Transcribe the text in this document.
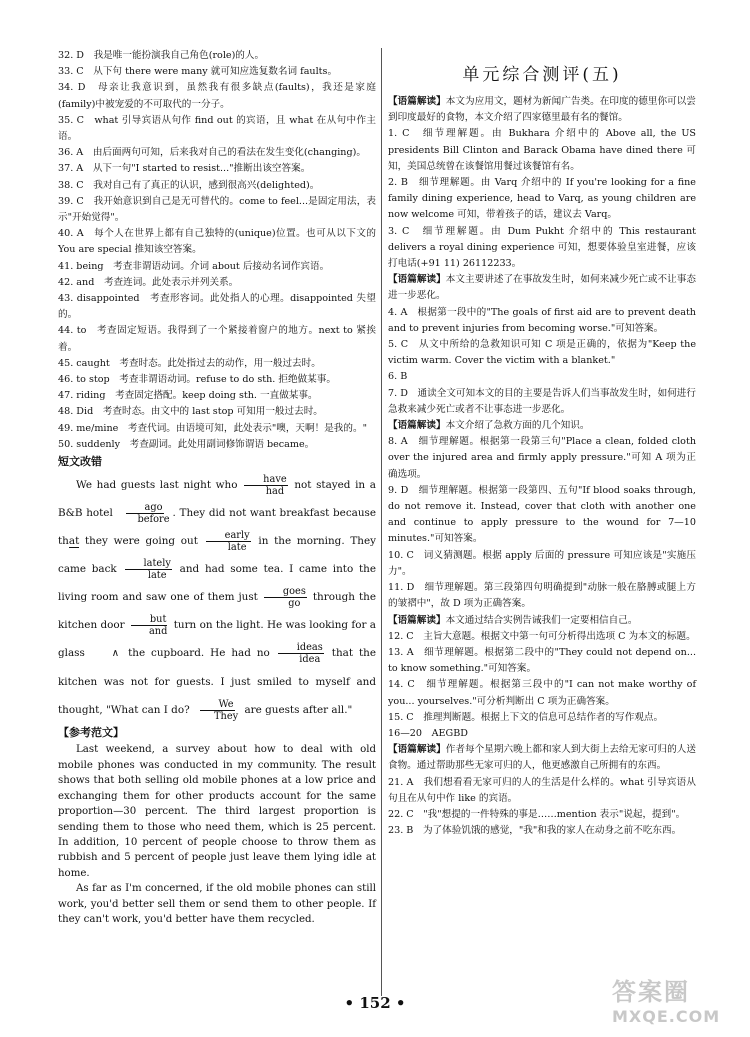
32. D　我是唯一能扮演我自己角色(role)的人。

33. C　从下句 there were many 就可知应选复数名词 faults。

34. D　母亲让我意识到，虽然我有很多缺点(faults)，我还是家庭(family)中被宠爱的不可取代的一分子。

35. C　what 引导宾语从句作 find out 的宾语，且 what 在从句中作主语。

36. A　由后面两句可知，后来我对自己的看法在发生变化(changing)。

37. A　从下一句"I started to resist..."推断出该空答案。

38. C　我对自己有了真正的认识，感到很高兴(delighted)。

39. C　我开始意识到自己是无可替代的。come to feel...是固定用法，表示"开始觉得"。

40. A　每个人在世界上都有自己独特的(unique)位置。也可从以下文的 You are special 推知该空答案。

41. being　考查非谓语动词。介词 about 后接动名词作宾语。

42. and　考查连词。此处表示并列关系。

43. disappointed　考查形容词。此处指人的心理。disappointed 失望的。

44. to　考查固定短语。我得到了一个紧接着窗户的地方。next to 紧挨着。

45. caught　考查时态。此处指过去的动作，用一般过去时。

46. to stop　考查非谓语动词。refuse to do sth. 拒绝做某事。

47. riding　考查固定搭配。keep doing sth. 一直做某事。

48. Did　考查时态。由文中的 last stop 可知用一般过去时。

49. me/mine　考查代词。由语境可知，此处表示"噢，天啊！是我的。"

50. suddenly　考查副词。此处用副词修饰谓语 became。

短文改错

We had guests last night who	have
had not stayed in a B&B hotel	ago
before . They did not want breakfast because that they were going out	early
late in the morning. They came back	lately
late and had some tea. I came into the living room and saw one of them just	goes
go through the kitchen door	but
and turn on the light. He was looking for a glass	∧ the cupboard. He had no	ideas
idea that the kitchen was not for guests. I just smiled to myself and thought, "What can I do?	We
They are guests after all."

【参考范文】

Last weekend, a survey about how to deal with old mobile phones was conducted in my community. The result shows that both selling old mobile phones at a low price and exchanging them for other products account for the same proportion—30 percent. The third largest proportion is sending them to those who need them, which is 25 percent. In addition, 10 percent of people choose to throw them as rubbish and 5 percent of people just leave them lying idle at home.

As far as I'm concerned, if the old mobile phones can still work, you'd better sell them or send them to other people. If they can't work, you'd better have them recycled.

单元综合测评(五)

【语篇解读】本文为应用文，题材为新闻广告类。在印度的德里你可以尝到印度最好的食物，本文介绍了四家德里最有名的餐馆。

1. C　细节理解题。由 Bukhara 介绍中的 Above all, the US presidents Bill Clinton and Barack Obama have dined there 可知，美国总统曾在该餐馆用餐过该餐馆有名。

2. B　细节理解题。由 Varq 介绍中的 If you're looking for a fine family dining experience, head to Varq, as young children are now welcome 可知，带着孩子的话，建议去 Varq。

3. C　细节理解题。由 Dum Pukht 介绍中的 This restaurant delivers a royal dining experience 可知，想要体验皇室进餐，应该打电话(+91 11) 26112233。

【语篇解读】本文主要讲述了在事故发生时，如何来减少死亡或不让事态进一步恶化。

4. A　根据第一段中的"The goals of first aid are to prevent death and to prevent injuries from becoming worse."可知答案。

5. C　从文中所给的急救知识可知 C 项是正确的，依据为"Keep the victim warm. Cover the victim with a blanket."

6. B

7. D　通读全文可知本文的目的主要是告诉人们当事故发生时，如何进行急救来减少死亡或者不让事态进一步恶化。

【语篇解读】本文介绍了急救方面的几个知识。

8. A　细节理解题。根据第一段第三句"Place a clean, folded cloth over the injured area and firmly apply pressure."可知 A 项为正确选项。

9. D　细节理解题。根据第一段第四、五句"If blood soaks through, do not remove it. Instead, cover that cloth with another one and continue to apply pressure to the wound for 7—10 minutes."可知答案。

10. C　词义猜测题。根据 apply 后面的 pressure 可知应该是"实施压力"。

11. D　细节理解题。第三段第四句明确提到"动脉一般在胳膊或腿上方的皱褶中"，故 D 项为正确答案。

【语篇解读】本文通过结合实例告诫我们一定要相信自己。

12. C　主旨大意题。根据文中第一句可分析得出选项 C 为本文的标题。

13. A　细节理解题。根据第二段中的"They could not depend on... to know something."可知答案。

14. C　细节理解题。根据第三段中的"I can not make worthy of you... yourselves."可分析判断出 C 项为正确答案。

15. C　推理判断题。根据上下文的信息可总结作者的写作观点。

16—20　AEGBD

【语篇解读】作者每个星期六晚上都和家人到大街上去给无家可归的人送食物。通过帮助那些无家可归的人，他更感激自己所拥有的东西。

21. A　我们想看看无家可归的人的生活是什么样的。what 引导宾语从句且在从句中作 like 的宾语。

22. C　"我"想提的一件特殊的事是……mention 表示"说起，提到"。

23. B　为了体验饥饿的感觉，"我"和我的家人在动身之前不吃东西。

• 152 •	答案圈
MXQE.COM
